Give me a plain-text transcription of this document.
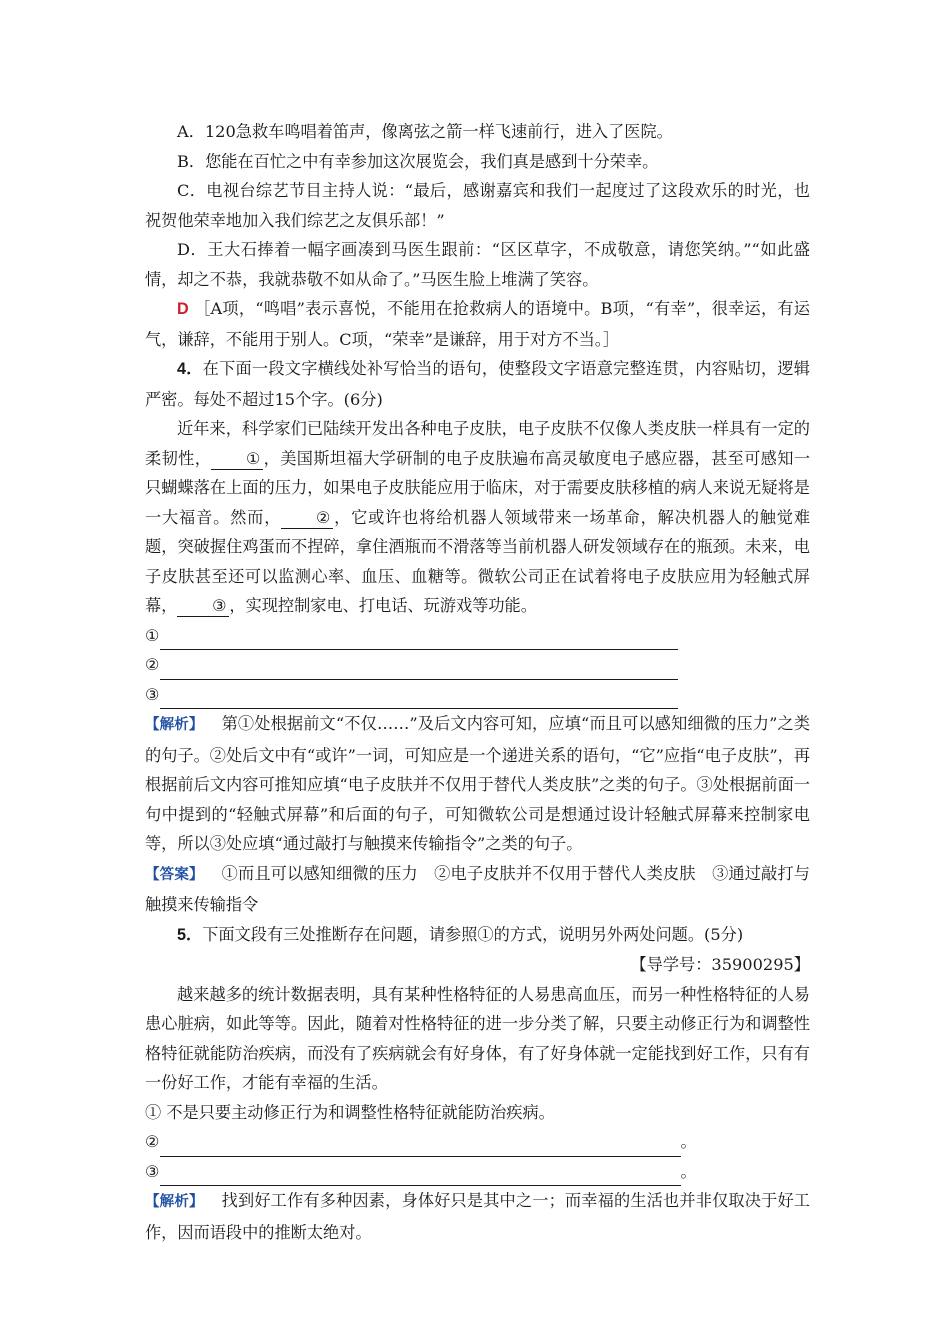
A．120急救车鸣唱着笛声，像离弦之箭一样飞速前行，进入了医院。

B．您能在百忙之中有幸参加这次展览会，我们真是感到十分荣幸。

C．电视台综艺节目主持人说：“最后，感谢嘉宾和我们一起度过了这段欢乐的时光，也祝贺他荣幸地加入我们综艺之友俱乐部！”

D．王大石捧着一幅字画凑到马医生跟前：“区区草字，不成敬意，请您笑纳。”“如此盛情，却之不恭，我就恭敬不如从命了。”马医生脸上堆满了笑容。

D ［A项，“鸣唱”表示喜悦，不能用在抢救病人的语境中。B项，“有幸”，很幸运，有运气，谦辞，不能用于别人。C项，“荣幸”是谦辞，用于对方不当。］

4．在下面一段文字横线处补写恰当的语句，使整段文字语意完整连贯，内容贴切，逻辑严密。每处不超过15个字。(6分)

近年来，科学家们已陆续开发出各种电子皮肤，电子皮肤不仅像人类皮肤一样具有一定的柔韧性， ① ，美国斯坦福大学研制的电子皮肤遍布高灵敏度电子感应器，甚至可感知一只蝴蝶落在上面的压力，如果电子皮肤能应用于临床，对于需要皮肤移植的病人来说无疑将是一大福音。然而， ② ，它或许也将给机器人领域带来一场革命，解决机器人的触觉难题，突破握住鸡蛋而不捏碎，拿住酒瓶而不滑落等当前机器人研发领域存在的瓶颈。未来，电子皮肤甚至还可以监测心率、血压、血糖等。微软公司正在试着将电子皮肤应用为轻触式屏幕， ③ ，实现控制家电、打电话、玩游戏等功能。

①
②
③

【解析】 第①处根据前文“不仅……”及后文内容可知，应填“而且可以感知细微的压力”之类的句子。②处后文中有“或许”一词，可知应是一个递进关系的语句，“它”应指“电子皮肤”，再根据前后文内容可推知应填“电子皮肤并不仅用于替代人类皮肤”之类的句子。③处根据前面一句中提到的“轻触式屏幕”和后面的句子，可知微软公司是想通过设计轻触式屏幕来控制家电等，所以③处应填“通过敲打与触摸来传输指令”之类的句子。

【答案】 ①而且可以感知细微的压力　②电子皮肤并不仅用于替代人类皮肤　③通过敲打与触摸来传输指令

5．下面文段有三处推断存在问题，请参照①的方式，说明另外两处问题。(5分)

【导学号：35900295】

越来越多的统计数据表明，具有某种性格特征的人易患高血压，而另一种性格特征的人易患心脏病，如此等等。因此，随着对性格特征的进一步分类了解，只要主动修正行为和调整性格特征就能防治疾病，而没有了疾病就会有好身体，有了好身体就一定能找到好工作，只有有一份好工作，才能有幸福的生活。

① 不是只要主动修正行为和调整性格特征就能防治疾病。

②	。
③	。

【解析】 找到好工作有多种因素，身体好只是其中之一；而幸福的生活也并非仅取决于好工作，因而语段中的推断太绝对。
